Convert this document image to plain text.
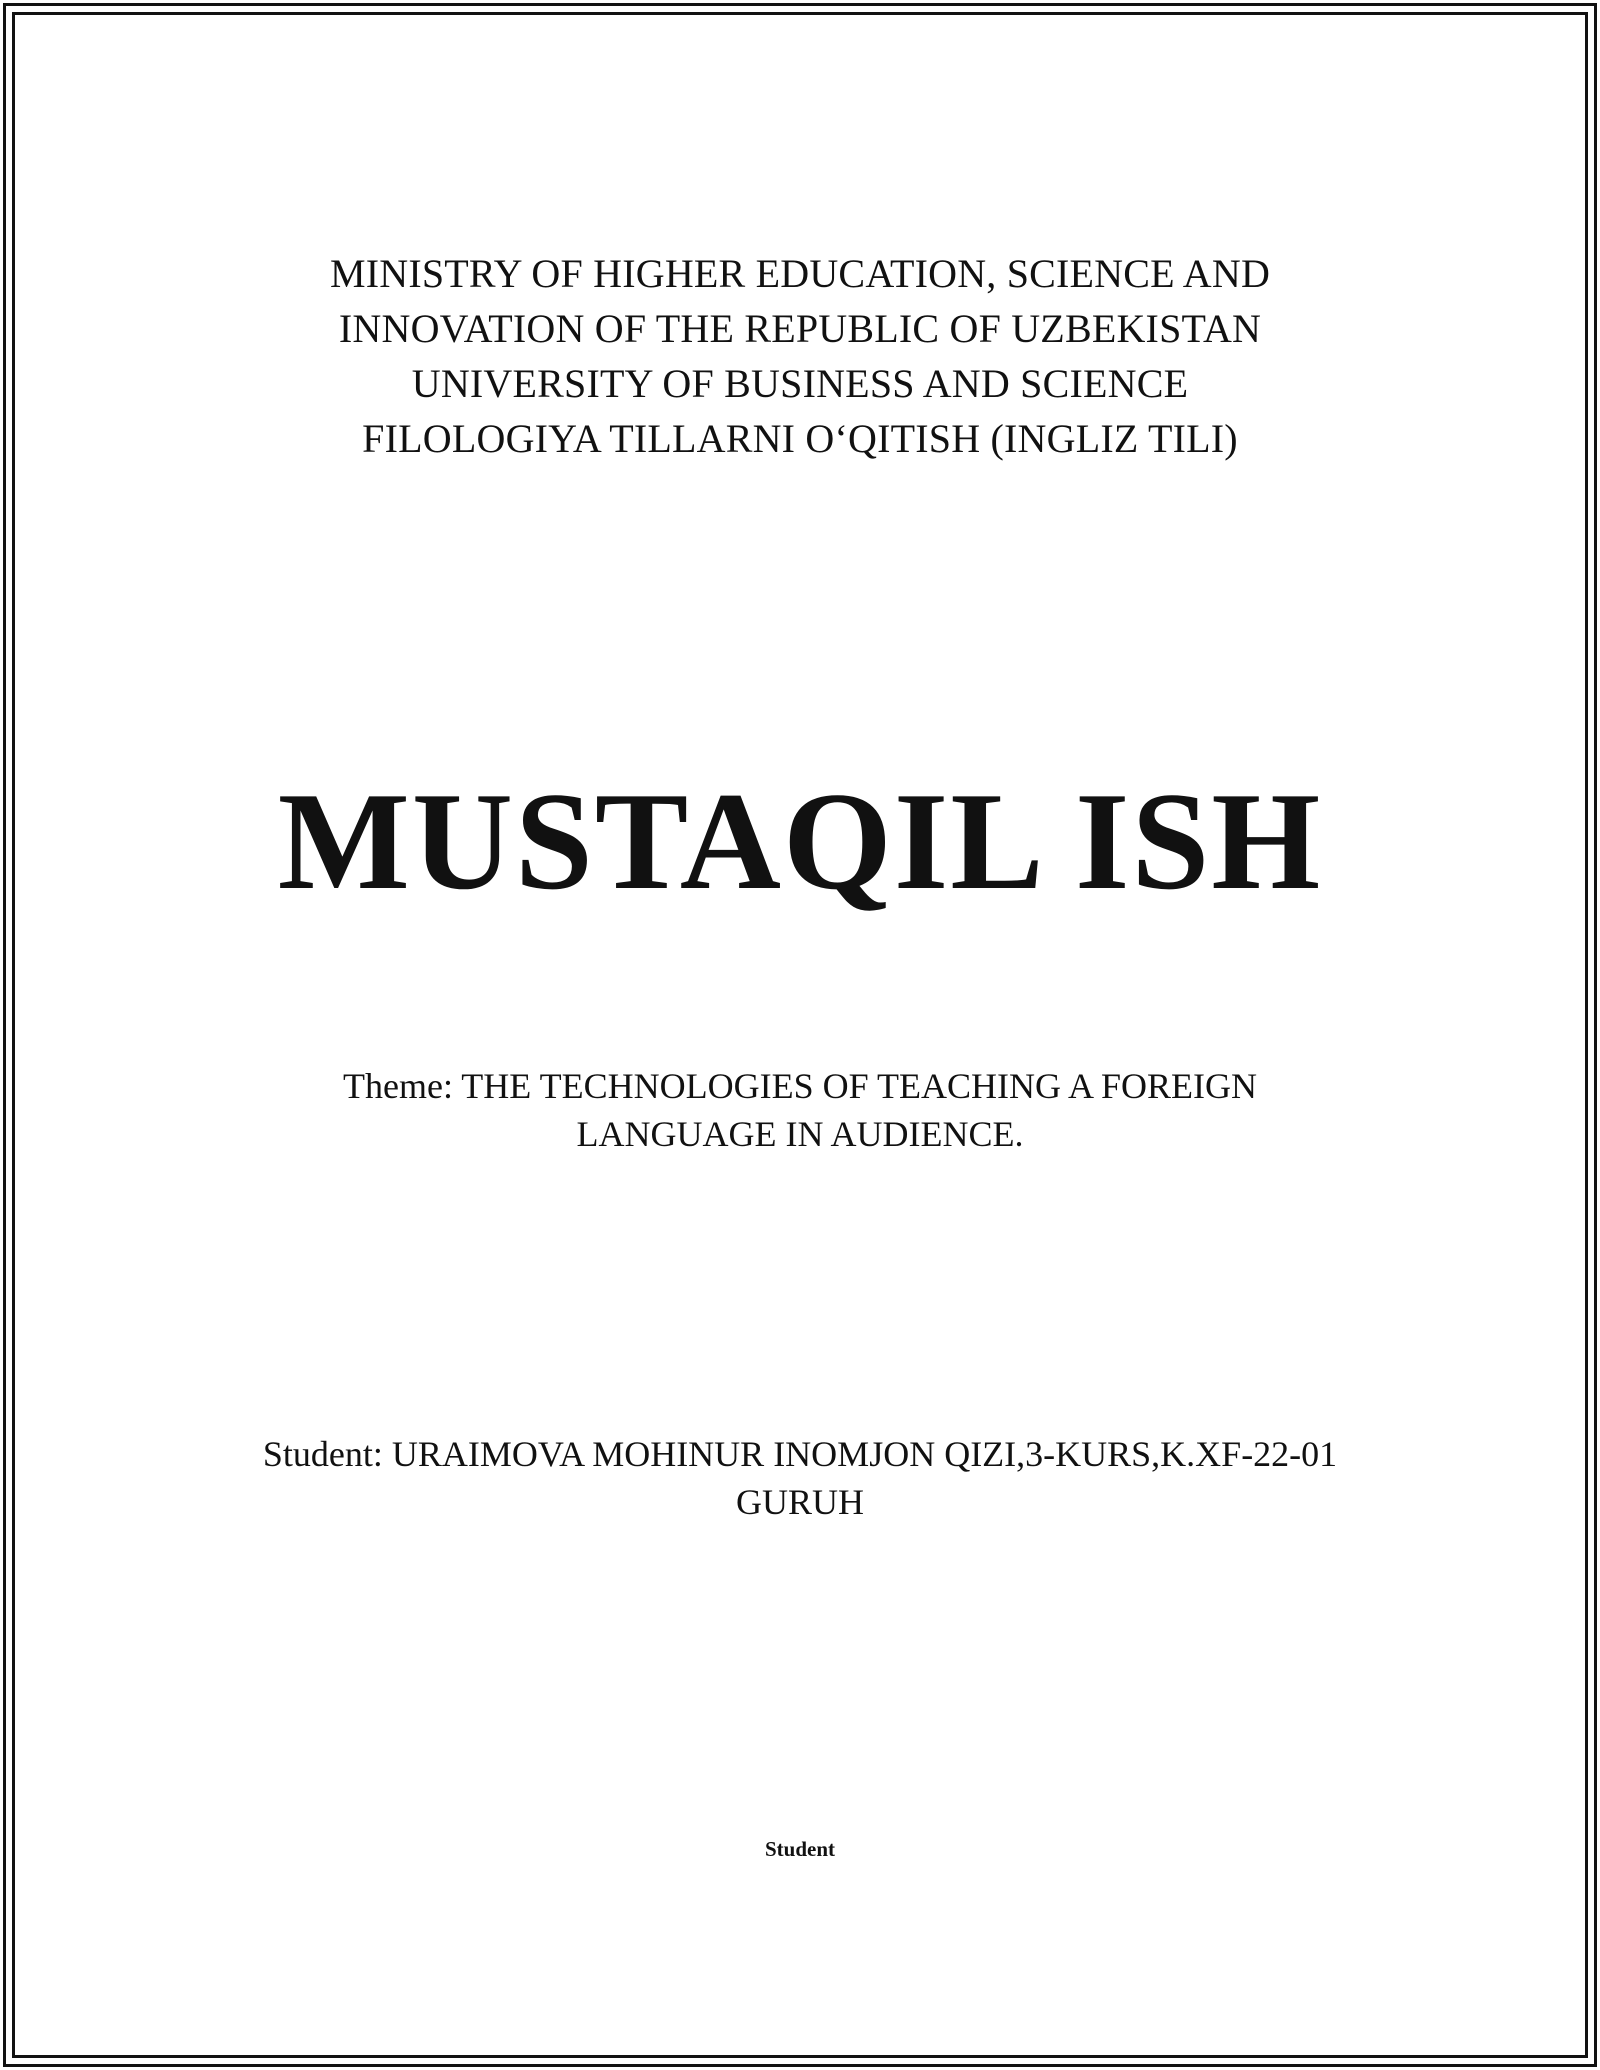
MINISTRY OF HIGHER EDUCATION, SCIENCE AND
INNOVATION OF THE REPUBLIC OF UZBEKISTAN
UNIVERSITY OF BUSINESS AND SCIENCE
FILOLOGIYA TILLARNI O‘QITISH (INGLIZ TILI)
MUSTAQIL ISH
Theme: THE TECHNOLOGIES OF TEACHING A FOREIGN
LANGUAGE IN AUDIENCE.
Student: URAIMOVA MOHINUR INOMJON QIZI,3-KURS,K.XF-22-01
GURUH
Student
